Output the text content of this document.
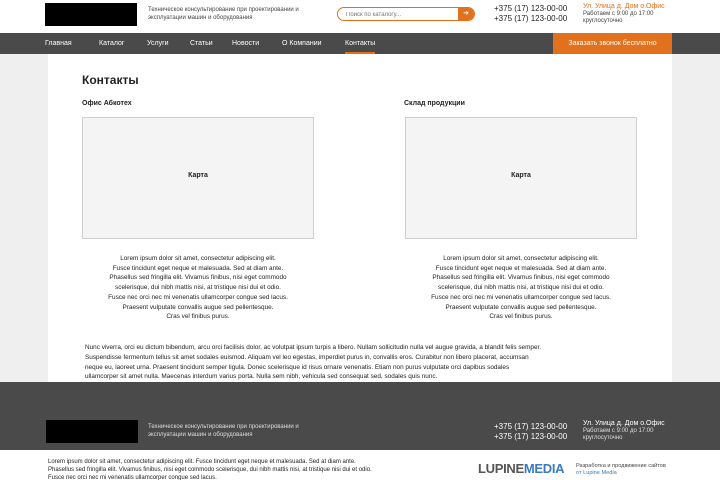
Техническое консультирование при проектировании и эксплуатации машин и оборудования
Поиск по каталогу...
➜
+375 (17) 123-00-00
+375 (17) 123-00-00
Ул. Улица д. Дом о.Офис
Работаем с 9:00 до 17:00
круглосуточно
Главная	Каталог	Услуги	Статьи	Новости	О Компании	Контакты	Заказать звонок бесплатно
Контакты
Офис Абкотех
Карта
Lorem ipsum dolor sit amet, consectetur adipiscing elit.
Fusce tincidunt eget neque et malesuada. Sed at diam ante.
Phasellus sed fringilla elit. Vivamus finibus, nisi eget commodo
scelerisque, dui nibh mattis nisi, at tristique nisi dui et odio.
Fusce nec orci nec mi venenatis ullamcorper congue sed lacus.
Praesent vulputate convallis augue sed pellentesque.
Cras vel finibus purus.
Склад продукции
Карта
Lorem ipsum dolor sit amet, consectetur adipiscing elit.
Fusce tincidunt eget neque et malesuada. Sed at diam ante.
Phasellus sed fringilla elit. Vivamus finibus, nisi eget commodo
scelerisque, dui nibh mattis nisi, at tristique nisi dui et odio.
Fusce nec orci nec mi venenatis ullamcorper congue sed lacus.
Praesent vulputate convallis augue sed pellentesque.
Cras vel finibus purus.
Nunc viverra, orci eu dictum bibendum, arcu orci facilisis dolor, ac volutpat ipsum turpis a libero. Nullam sollicitudin nulla vel augue gravida, a blandit felis semper.
Suspendisse fermentum tellus sit amet sodales euismod. Aliquam vel leo egestas, imperdiet purus in, convallis eros. Curabitur non libero placerat, accumsan
neque eu, laoreet urna. Praesent tincidunt semper ligula. Donec scelerisque id risus ornare venenatis. Etiam non purus vulputate orci dapibus sodales
ullamcorper sit amet nulla. Maecenas interdum varius porta. Nulla sem nibh, vehicula sed consequat sed, sodales quis nunc.
Техническое консультирование при проектировании и эксплуатации машин и оборудования
+375 (17) 123-00-00
+375 (17) 123-00-00
Ул. Улица д. Дом о.Офис
Работаем с 9:00 до 17:00
круглосуточно
Lorem ipsum dolor sit amet, consectetur adipiscing elit. Fusce tincidunt eget neque et malesuada. Sed at diam ante.
Phasellus sed fringilla elit. Vivamus finibus, nisi eget commodo scelerisque, dui nibh mattis nisi, at tristique nisi dui et odio.
Fusce nec orci nec mi venenatis ullamcorper congue sed lacus.
LUPINEMEDIA Разработка и продвижение сайтов
от Lupine Media
